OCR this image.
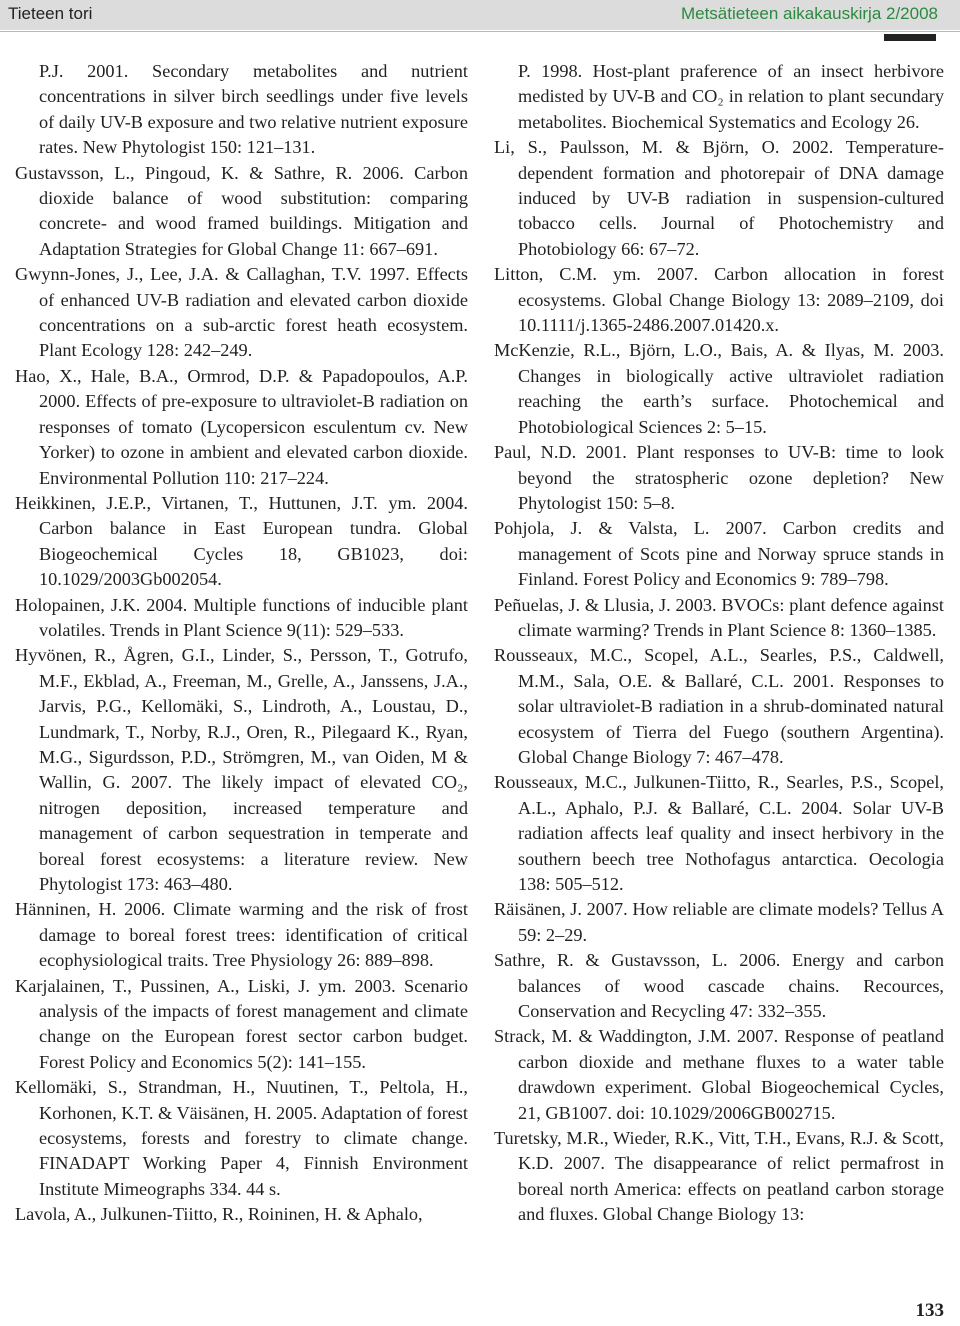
Tieteen tori	Metsätieteen aikakauskirja 2/2008

P.J. 2001. Secondary metabolites and nutrient concentrations in silver birch seedlings under five levels of daily UV-B exposure and two relative nutrient exposure rates. New Phytologist 150: 121–131.

Gustavsson, L., Pingoud, K. & Sathre, R. 2006. Carbon dioxide balance of wood substitution: comparing concrete- and wood framed buildings. Mitigation and Adaptation Strategies for Global Change 11: 667–691.

Gwynn-Jones, J., Lee, J.A. & Callaghan, T.V. 1997. Effects of enhanced UV-B radiation and elevated carbon dioxide concentrations on a sub-arctic forest heath ecosystem. Plant Ecology 128: 242–249.

Hao, X., Hale, B.A., Ormrod, D.P. & Papadopoulos, A.P. 2000. Effects of pre-exposure to ultraviolet-B radiation on responses of tomato (Lycopersicon esculentum cv. New Yorker) to ozone in ambient and elevated carbon dioxide. Environmental Pollution 110: 217–224.

Heikkinen, J.E.P., Virtanen, T., Huttunen, J.T. ym. 2004. Carbon balance in East European tundra. Global Biogeochemical Cycles 18, GB1023, doi: 10.1029/2003Gb002054.

Holopainen, J.K. 2004. Multiple functions of inducible plant volatiles. Trends in Plant Science 9(11): 529–533.

Hyvönen, R., Ågren, G.I., Linder, S., Persson, T., Gotrufo, M.F., Ekblad, A., Freeman, M., Grelle, A., Janssens, J.A., Jarvis, P.G., Kellomäki, S., Lindroth, A., Loustau, D., Lundmark, T., Norby, R.J., Oren, R., Pilegaard K., Ryan, M.G., Sigurdsson, P.D., Strömgren, M., van Oiden, M & Wallin, G. 2007. The likely impact of elevated CO₂, nitrogen deposition, increased temperature and management of carbon sequestration in temperate and boreal forest ecosystems: a literature review. New Phytologist 173: 463–480.

Hänninen, H. 2006. Climate warming and the risk of frost damage to boreal forest trees: identification of critical ecophysiological traits. Tree Physiology 26: 889–898.

Karjalainen, T., Pussinen, A., Liski, J. ym. 2003. Scenario analysis of the impacts of forest management and climate change on the European forest sector carbon budget. Forest Policy and Economics 5(2): 141–155.

Kellomäki, S., Strandman, H., Nuutinen, T., Peltola, H., Korhonen, K.T. & Väisänen, H. 2005. Adaptation of forest ecosystems, forests and forestry to climate change. FINADAPT Working Paper 4, Finnish Environment Institute Mimeographs 334. 44 s.

Lavola, A., Julkunen-Tiitto, R., Roininen, H. & Aphalo,

P. 1998. Host-plant praference of an insect herbivore medisted by UV-B and CO₂ in relation to plant secundary metabolites. Biochemical Systematics and Ecology 26.

Li, S., Paulsson, M. & Björn, O. 2002. Temperature-dependent formation and photorepair of DNA damage induced by UV-B radiation in suspension-cultured tobacco cells. Journal of Photochemistry and Photobiology 66: 67–72.

Litton, C.M. ym. 2007. Carbon allocation in forest ecosystems. Global Change Biology 13: 2089–2109, doi 10.1111/j.1365-2486.2007.01420.x.

McKenzie, R.L., Björn, L.O., Bais, A. & Ilyas, M. 2003. Changes in biologically active ultraviolet radiation reaching the earth’s surface. Photochemical and Photobiological Sciences 2: 5–15.

Paul, N.D. 2001. Plant responses to UV-B: time to look beyond the stratospheric ozone depletion? New Phytologist 150: 5–8.

Pohjola, J. & Valsta, L. 2007. Carbon credits and management of Scots pine and Norway spruce stands in Finland. Forest Policy and Economics 9: 789–798.

Peñuelas, J. & Llusia, J. 2003. BVOCs: plant defence against climate warming? Trends in Plant Science 8: 1360–1385.

Rousseaux, M.C., Scopel, A.L., Searles, P.S., Caldwell, M.M., Sala, O.E. & Ballaré, C.L. 2001. Responses to solar ultraviolet-B radiation in a shrub-dominated natural ecosystem of Tierra del Fuego (southern Argentina). Global Change Biology 7: 467–478.

Rousseaux, M.C., Julkunen-Tiitto, R., Searles, P.S., Scopel, A.L., Aphalo, P.J. & Ballaré, C.L. 2004. Solar UV-B radiation affects leaf quality and insect herbivory in the southern beech tree Nothofagus antarctica. Oecologia 138: 505–512.

Räisänen, J. 2007. How reliable are climate models? Tellus A 59: 2–29.

Sathre, R. & Gustavsson, L. 2006. Energy and carbon balances of wood cascade chains. Recources, Conservation and Recycling 47: 332–355.

Strack, M. & Waddington, J.M. 2007. Response of peatland carbon dioxide and methane fluxes to a water table drawdown experiment. Global Biogeochemical Cycles, 21, GB1007. doi: 10.1029/2006GB002715.

Turetsky, M.R., Wieder, R.K., Vitt, T.H., Evans, R.J. & Scott, K.D. 2007. The disappearance of relict permafrost in boreal north America: effects on peatland carbon storage and fluxes. Global Change Biology 13:

133
